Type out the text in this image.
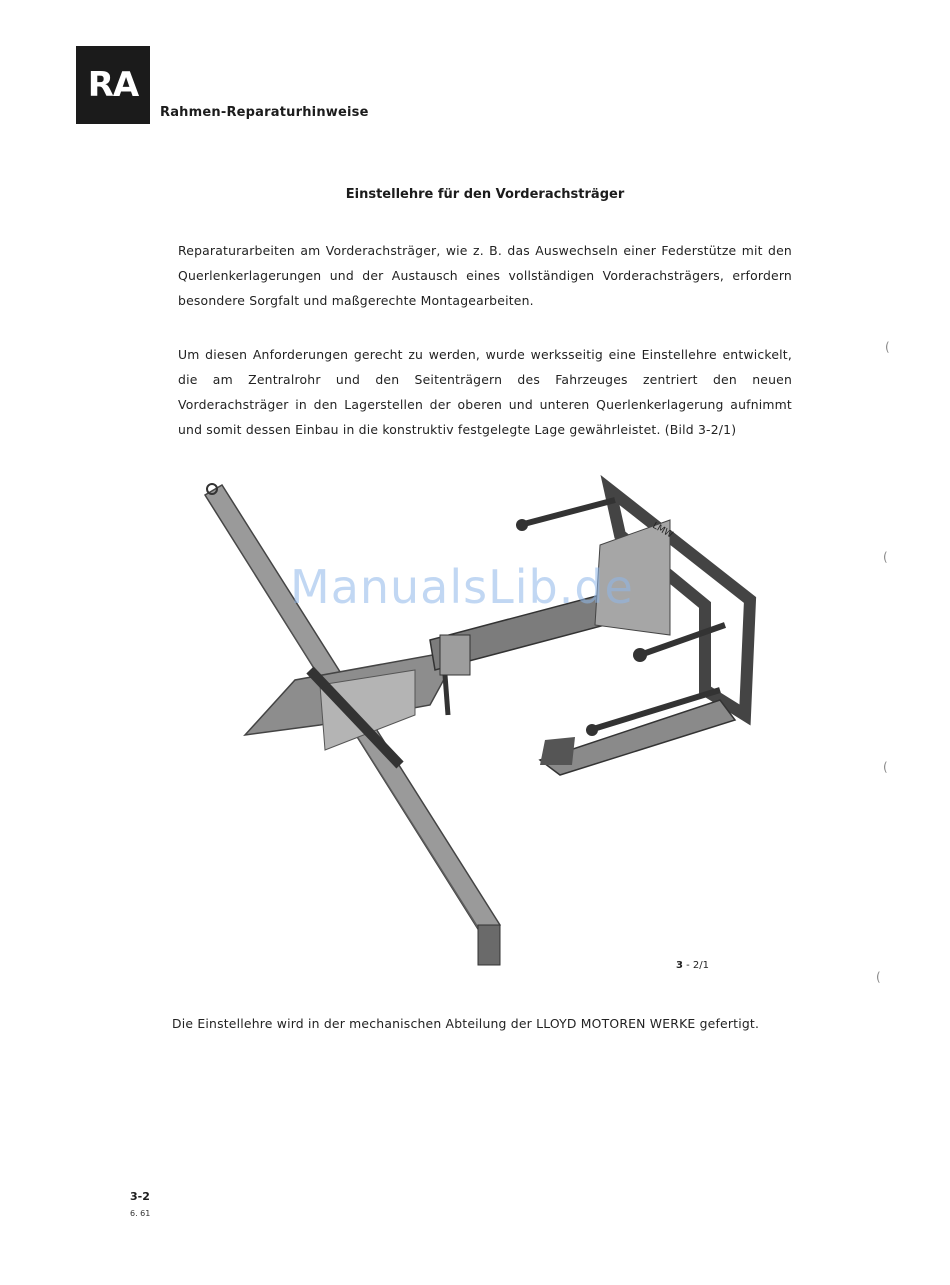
RA
Rahmen-Reparaturhinweise
Einstellehre für den Vorderachsträger
Reparaturarbeiten am Vorderachsträger, wie z. B. das Auswechseln einer Federstütze mit den Querlenkerlagerungen und der Austausch eines vollständigen Vorderachsträgers, erfordern besondere Sorgfalt und maßgerechte Montagearbeiten.
Um diesen Anforderungen gerecht zu werden, wurde werksseitig eine Einstellehre entwickelt, die am Zentralrohr und den Seitenträgern des Fahrzeuges zentriert den neuen Vorderachsträger in den Lagerstellen der oberen und unteren Querlenkerlagerung aufnimmt und somit dessen Einbau in die konstruktiv festgelegte Lage gewährleistet. (Bild 3-2/1)
LMW
ManualsLib.de
3 - 2/1
Die Einstellehre wird in der mechanischen Abteilung der LLOYD MOTOREN WERKE gefertigt.
3-2
6. 61
(
(
(
(
